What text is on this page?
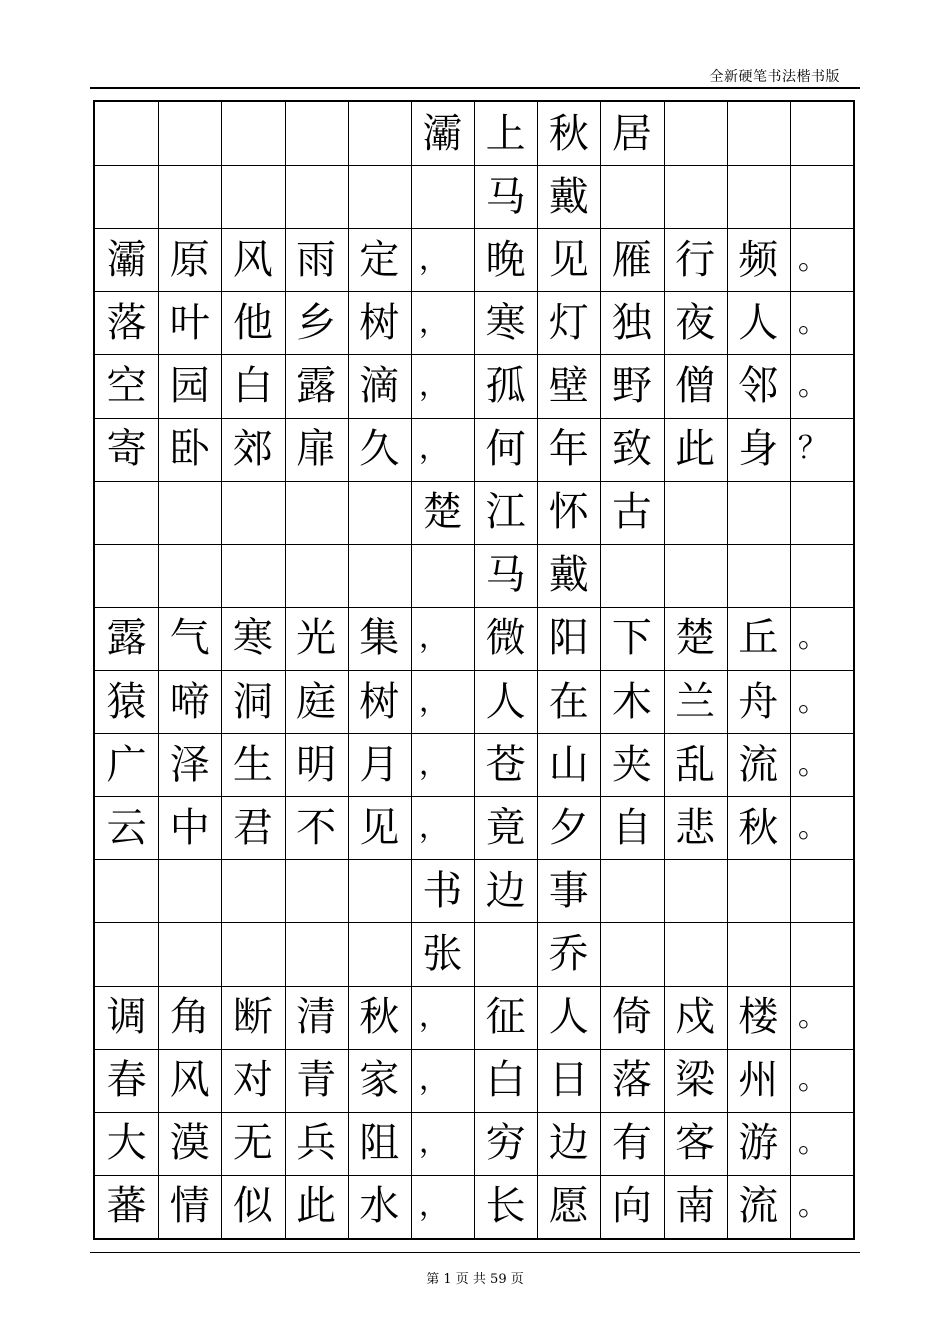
全新硬笔书法楷书版
灞 上 秋 居
马 戴
灞 原 风 雨 定 ， 晚 见 雁 行 频 。
落 叶 他 乡 树 ， 寒 灯 独 夜 人 。
空 园 白 露 滴 ， 孤 壁 野 僧 邻 。
寄 卧 郊 扉 久 ， 何 年 致 此 身 ？
楚 江 怀 古
马 戴
露 气 寒 光 集 ， 微 阳 下 楚 丘 。
猿 啼 洞 庭 树 ， 人 在 木 兰 舟 。
广 泽 生 明 月 ， 苍 山 夹 乱 流 。
云 中 君 不 见 ， 竟 夕 自 悲 秋 。
书 边 事
张 乔
调 角 断 清 秋 ， 征 人 倚 戍 楼 。
春 风 对 青 家 ， 白 日 落 梁 州 。
大 漠 无 兵 阻 ， 穷 边 有 客 游 。
蕃 情 似 此 水 ， 长 愿 向 南 流 。
第 1 页 共 59 页
